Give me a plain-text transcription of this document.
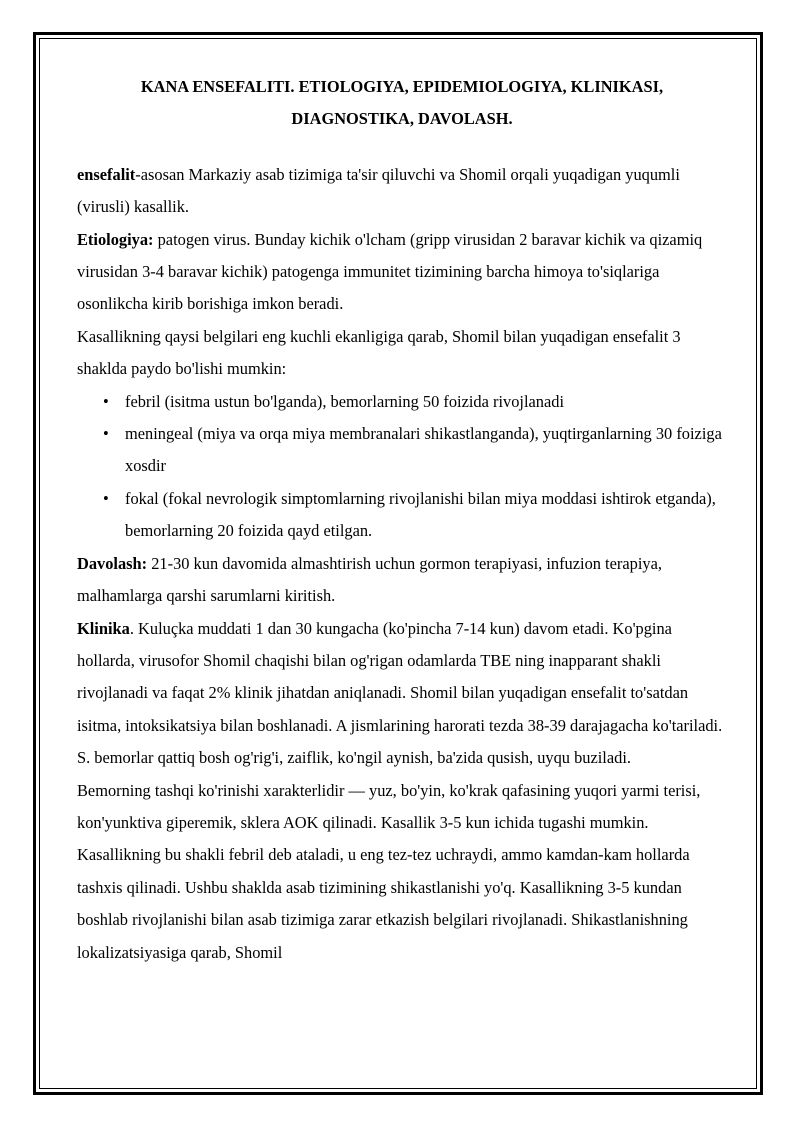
KANA ENSEFALITI. ETIOLOGIYA, EPIDEMIOLOGIYA, KLINIKASI,
DIAGNOSTIKA, DAVOLASH.

ensefalit-asosan Markaziy asab tizimiga ta'sir qiluvchi va Shomil orqali yuqadigan yuqumli (virusli) kasallik.

Etiologiya: patogen virus. Bunday kichik o'lcham (gripp virusidan 2 baravar kichik va qizamiq virusidan 3-4 baravar kichik) patogenga immunitet tizimining barcha himoya to'siqlariga osonlikcha kirib borishiga imkon beradi.

Kasallikning qaysi belgilari eng kuchli ekanligiga qarab, Shomil bilan yuqadigan ensefalit 3 shaklda paydo bo'lishi mumkin:

• febril (isitma ustun bo'lganda), bemorlarning 50 foizida rivojlanadi
• meningeal (miya va orqa miya membranalari shikastlanganda), yuqtirganlarning 30 foiziga xosdir
• fokal (fokal nevrologik simptomlarning rivojlanishi bilan miya moddasi ishtirok etganda), bemorlarning 20 foizida qayd etilgan.

Davolash: 21-30 kun davomida almashtirish uchun gormon terapiyasi, infuzion terapiya, malhamlarga qarshi sarumlarni kiritish.

Klinika. Kuluçka muddati 1 dan 30 kungacha (ko'pincha 7-14 kun) davom etadi. Ko'pgina hollarda, virusofor Shomil chaqishi bilan og'rigan odamlarda TBE ning inapparant shakli rivojlanadi va faqat 2% klinik jihatdan aniqlanadi. Shomil bilan yuqadigan ensefalit to'satdan isitma, intoksikatsiya bilan boshlanadi. A jismlarining harorati tezda 38-39 darajagacha ko'tariladi. S. bemorlar qattiq bosh og'rig'i, zaiflik, ko'ngil aynish, ba'zida qusish, uyqu buziladi.

Bemorning tashqi ko'rinishi xarakterlidir — yuz, bo'yin, ko'krak qafasining yuqori yarmi terisi, kon'yunktiva giperemik, sklera AOK qilinadi. Kasallik 3-5 kun ichida tugashi mumkin. Kasallikning bu shakli febril deb ataladi, u eng tez-tez uchraydi, ammo kamdan-kam hollarda tashxis qilinadi. Ushbu shaklda asab tizimining shikastlanishi yo'q. Kasallikning 3-5 kundan boshlab rivojlanishi bilan asab tizimiga zarar etkazish belgilari rivojlanadi. Shikastlanishning lokalizatsiyasiga qarab, Shomil
